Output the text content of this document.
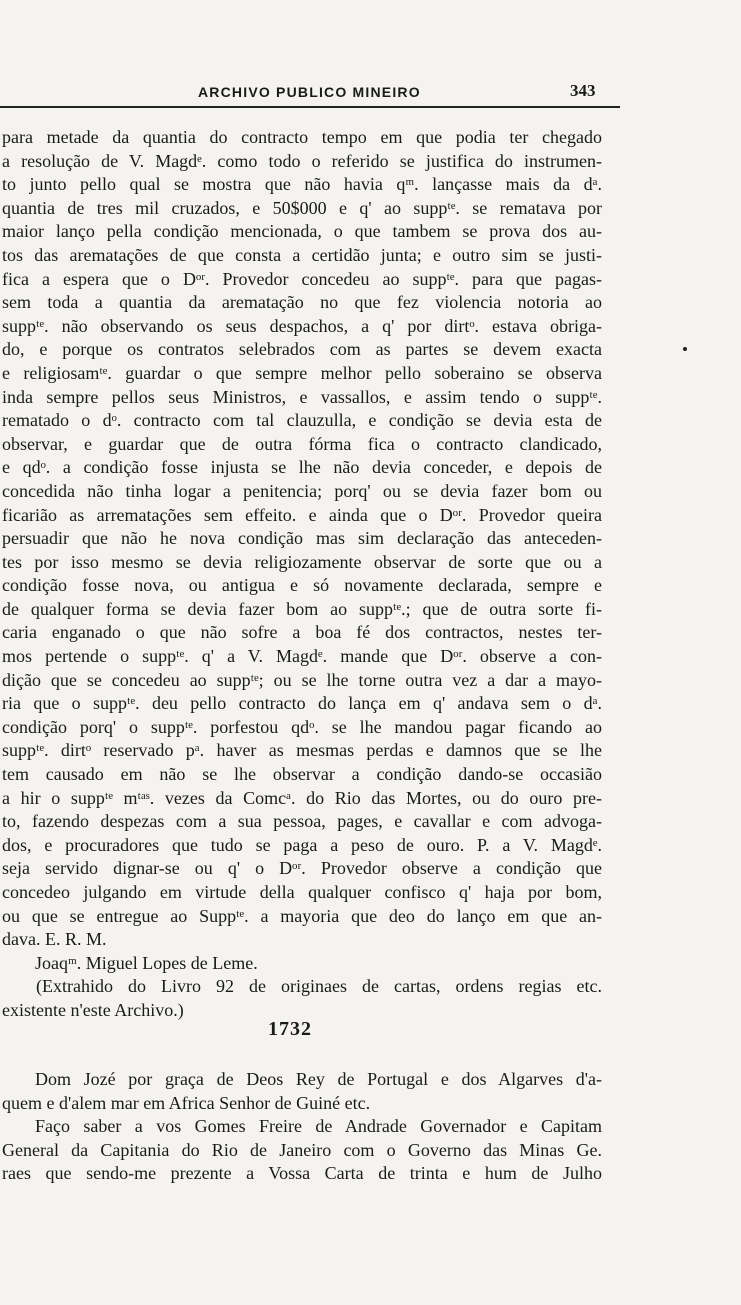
ARCHIVO PUBLICO MINEIRO	343
para metade da quantia do contracto tempo em que podia ter chegado
a resolução de V. Magdᵉ. como todo o referido se justifica do instrumen-
to junto pello qual se mostra que não havia qᵐ. lançasse mais da dᵃ.
quantia de tres mil cruzados, e 50$000 e q' ao suppᵗᵉ. se rematava por
maior lanço pella condição mencionada, o que tambem se prova dos au-
tos das arematações de que consta a certidão junta; e outro sim se justi-
fica a espera que o Dᵒʳ. Provedor concedeu ao suppᵗᵉ. para que pagas-
sem toda a quantia da arematação no que fez violencia notoria ao
suppᵗᵉ. não observando os seus despachos, a q' por dirtᵒ. estava obriga-
do, e porque os contratos selebrados com as partes se devem exacta
e religiosamᵗᵉ. guardar o que sempre melhor pello soberaino se observa
inda sempre pellos seus Ministros, e vassallos, e assim tendo o suppᵗᵉ.
rematado o dᵒ. contracto com tal clauzulla, e condição se devia esta de
observar, e guardar que de outra fórma fica o contracto clandicado,
e qdᵒ. a condição fosse injusta se lhe não devia conceder, e depois de
concedida não tinha logar a penitencia; porq' ou se devia fazer bom ou
ficarião as arrematações sem effeito. e ainda que o Dᵒʳ. Provedor queira
persuadir que não he nova condição mas sim declaração das anteceden-
tes por isso mesmo se devia religiozamente observar de sorte que ou a
condição fosse nova, ou antigua e só novamente declarada, sempre e
de qualquer forma se devia fazer bom ao suppᵗᵉ.; que de outra sorte fi-
caria enganado o que não sofre a boa fé dos contractos, nestes ter-
mos pertende o suppᵗᵉ. q' a V. Magdᵉ. mande que Dᵒʳ. observe a con-
dição que se concedeu ao suppᵗᵉ; ou se lhe torne outra vez a dar a mayo-
ria que o suppᵗᵉ. deu pello contracto do lança em q' andava sem o dᵃ.
condição porq' o suppᵗᵉ. porfestou qdᵒ. se lhe mandou pagar ficando ao
suppᵗᵉ. dirtᵒ reservado pᵃ. haver as mesmas perdas e damnos que se lhe
tem causado em não se lhe observar a condição dando-se occasião
a hir o suppᵗᵉ mᵗᵃˢ. vezes da Comcᵃ. do Rio das Mortes, ou do ouro pre-
to, fazendo despezas com a sua pessoa, pages, e cavallar e com advoga-
dos, e procuradores que tudo se paga a peso de ouro. P. a V. Magdᵉ.
seja servido dignar-se ou q' o Dᵒʳ. Provedor observe a condição que
concedeo julgando em virtude della qualquer confisco q' haja por bom,
ou que se entregue ao Suppᵗᵉ. a mayoria que deo do lanço em que an-
dava. E. R. M.
Joaqᵐ. Miguel Lopes de Leme.
(Extrahido do Livro 92 de originaes de cartas, ordens regias etc.
existente n'este Archivo.)
1732
Dom Jozé por graça de Deos Rey de Portugal e dos Algarves d'a-
quem e d'alem mar em Africa Senhor de Guiné etc.
Faço saber a vos Gomes Freire de Andrade Governador e Capitam
General da Capitania do Rio de Janeiro com o Governo das Minas Ge.
raes que sendo-me prezente a Vossa Carta de trinta e hum de Julho
